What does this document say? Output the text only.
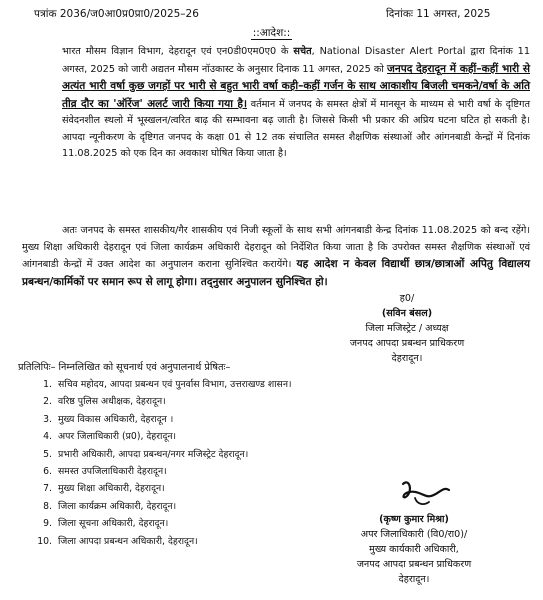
पत्रांक 2036/ज0आ0प्र0प्रा0/2025–26	दिनांकः 11 अगस्त, 2025
::आदेश::
भारत मौसम विज्ञान विभाग, देहरादून एवं एन0डी0एम0ए0 के सचेत, National Disaster Alert Portal द्वारा दिनांक 11 अगस्त, 2025 को जारी अद्यतन मौसम नॉउकास्ट के अनुसार दिनाक 11 अगस्त, 2025 को जनपद देहरादून में कहीं–कहीं भारी से अत्यंत भारी वर्षा कुछ जगहों पर भारी से बहुत भारी वर्षा कही–कहीं गर्जन के साथ आकाशीय बिजली चमकने/वर्षा के अति तीव्र दौर का 'ऑरेंज' अलर्ट जारी किया गया है। वर्तमान में जनपद के समस्त क्षेत्रों में मानसून के माध्यम से भारी वर्षा के दृष्टिगत संवेदनशील स्थलो में भूस्खलन/त्वरित बाढ़ की सम्भावना बढ़ जाती है। जिससे किसी भी प्रकार की अप्रिय घटना घटित हो सकती है। आपदा न्यूनीकरण के दृष्टिगत जनपद के कक्षा 01 से 12 तक संचालित समस्त शैक्षणिक संस्थाओं और आंगनबाडी केन्द्रों में दिनांक 11.08.2025 को एक दिन का अवकाश घोषित किया जाता है।
अतः जनपद के समस्त शासकीय/गैर शासकीय एवं निजी स्कूलों के साथ सभी आंगनबाडी केन्द्र दिनांक 11.08.2025 को बन्द रहेंगे। मुख्य शिक्षा अधिकारी देहरादून एवं जिला कार्यक्रम अधिकारी देहरादून को निर्देशित किया जाता है कि उपरोक्त समस्त शैक्षणिक संस्थाओं एवं आंगनबाडी केन्द्रों में उक्त आदेश का अनुपालन कराना सुनिश्चित करायेंगे। यह आदेश न केवल विद्यार्थी छात्र/छात्राओं अपितु विद्यालय प्रबन्धन/कार्मिकों पर समान रूप से लागू होगा। तद्नुसार अनुपालन सुनिश्चित हो।
ह0/
(सविन बंसल)
जिला मजिस्ट्रेट / अध्यक्ष
जनपद आपदा प्रबन्धन प्राधिकरण
देहरादून।
प्रतिलिपिः– निम्नलिखित को सूचनार्थ एवं अनुपालनार्थ प्रेषितः–
1. सचिव महोदय, आपदा प्रबन्धन एवं पुनर्वास विभाग, उत्तराखण्ड शासन।
2. वरिष्ठ पुलिस अधीक्षक, देहरादून।
3. मुख्य विकास अधिकारी, देहरादून ।
4. अपर जिलाधिकारी (प्र0), देहरादून।
5. प्रभारी अधिकारी, आपदा प्रबन्धन/नगर मजिस्ट्रेट देहरादून।
6. समस्त उपजिलाधिकारी देहरादून।
7. मुख्य शिक्षा अधिकारी, देहरादून।
8. जिला कार्यक्रम अधिकारी, देहरादून।
9. जिला सूचना अधिकारी, देहरादून।
10. जिला आपदा प्रबन्धन अधिकारी, देहरादून।
(कृष्ण कुमार मिश्रा)
अपर जिलाधिकारी (वि0/रा0)/
मुख्य कार्यकारी अधिकारी,
जनपद आपदा प्रबन्धन प्राधिकरण
देहरादून।
